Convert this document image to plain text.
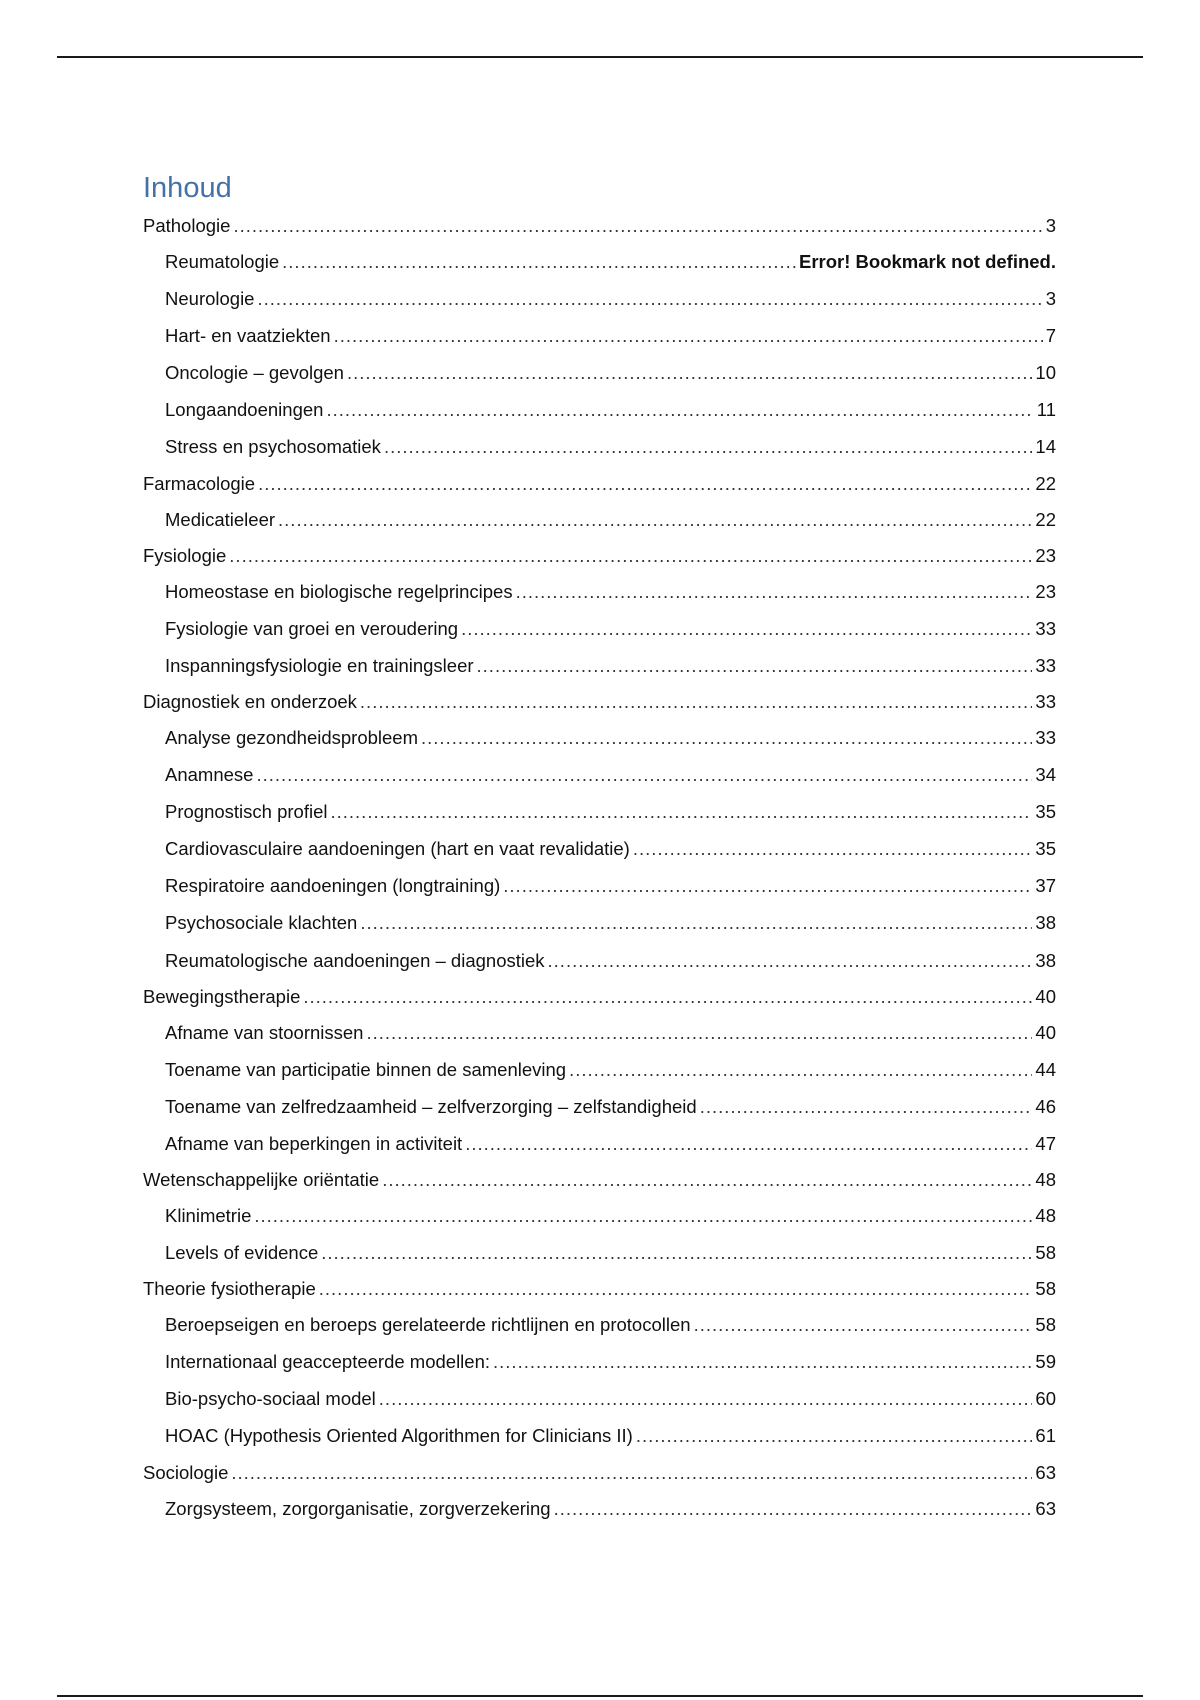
Inhoud
Pathologie .....	3
Reumatologie .....	Error! Bookmark not defined.
Neurologie .....	3
Hart- en vaatziekten .....	7
Oncologie – gevolgen .....	10
Longaandoeningen .....	11
Stress en psychosomatiek .....	14
Farmacologie .....	22
Medicatieleer .....	22
Fysiologie .....	23
Homeostase en biologische regelprincipes .....	23
Fysiologie van groei en veroudering .....	33
Inspanningsfysiologie en trainingsleer .....	33
Diagnostiek en onderzoek .....	33
Analyse gezondheidsprobleem .....	33
Anamnese .....	34
Prognostisch profiel .....	35
Cardiovasculaire aandoeningen (hart en vaat revalidatie) .....	35
Respiratoire aandoeningen (longtraining) .....	37
Psychosociale klachten .....	38
Reumatologische aandoeningen – diagnostiek .....	38
Bewegingstherapie .....	40
Afname van stoornissen .....	40
Toename van participatie binnen de samenleving .....	44
Toename van zelfredzaamheid – zelfverzorging – zelfstandigheid .....	46
Afname van beperkingen in activiteit .....	47
Wetenschappelijke oriëntatie .....	48
Klinimetrie .....	48
Levels of evidence .....	58
Theorie fysiotherapie .....	58
Beroepseigen en beroeps gerelateerde richtlijnen en protocollen .....	58
Internationaal geaccepteerde modellen: .....	59
Bio-psycho-sociaal model .....	60
HOAC (Hypothesis Oriented Algorithmen for Clinicians II) .....	61
Sociologie .....	63
Zorgsysteem, zorgorganisatie, zorgverzekering .....	63
